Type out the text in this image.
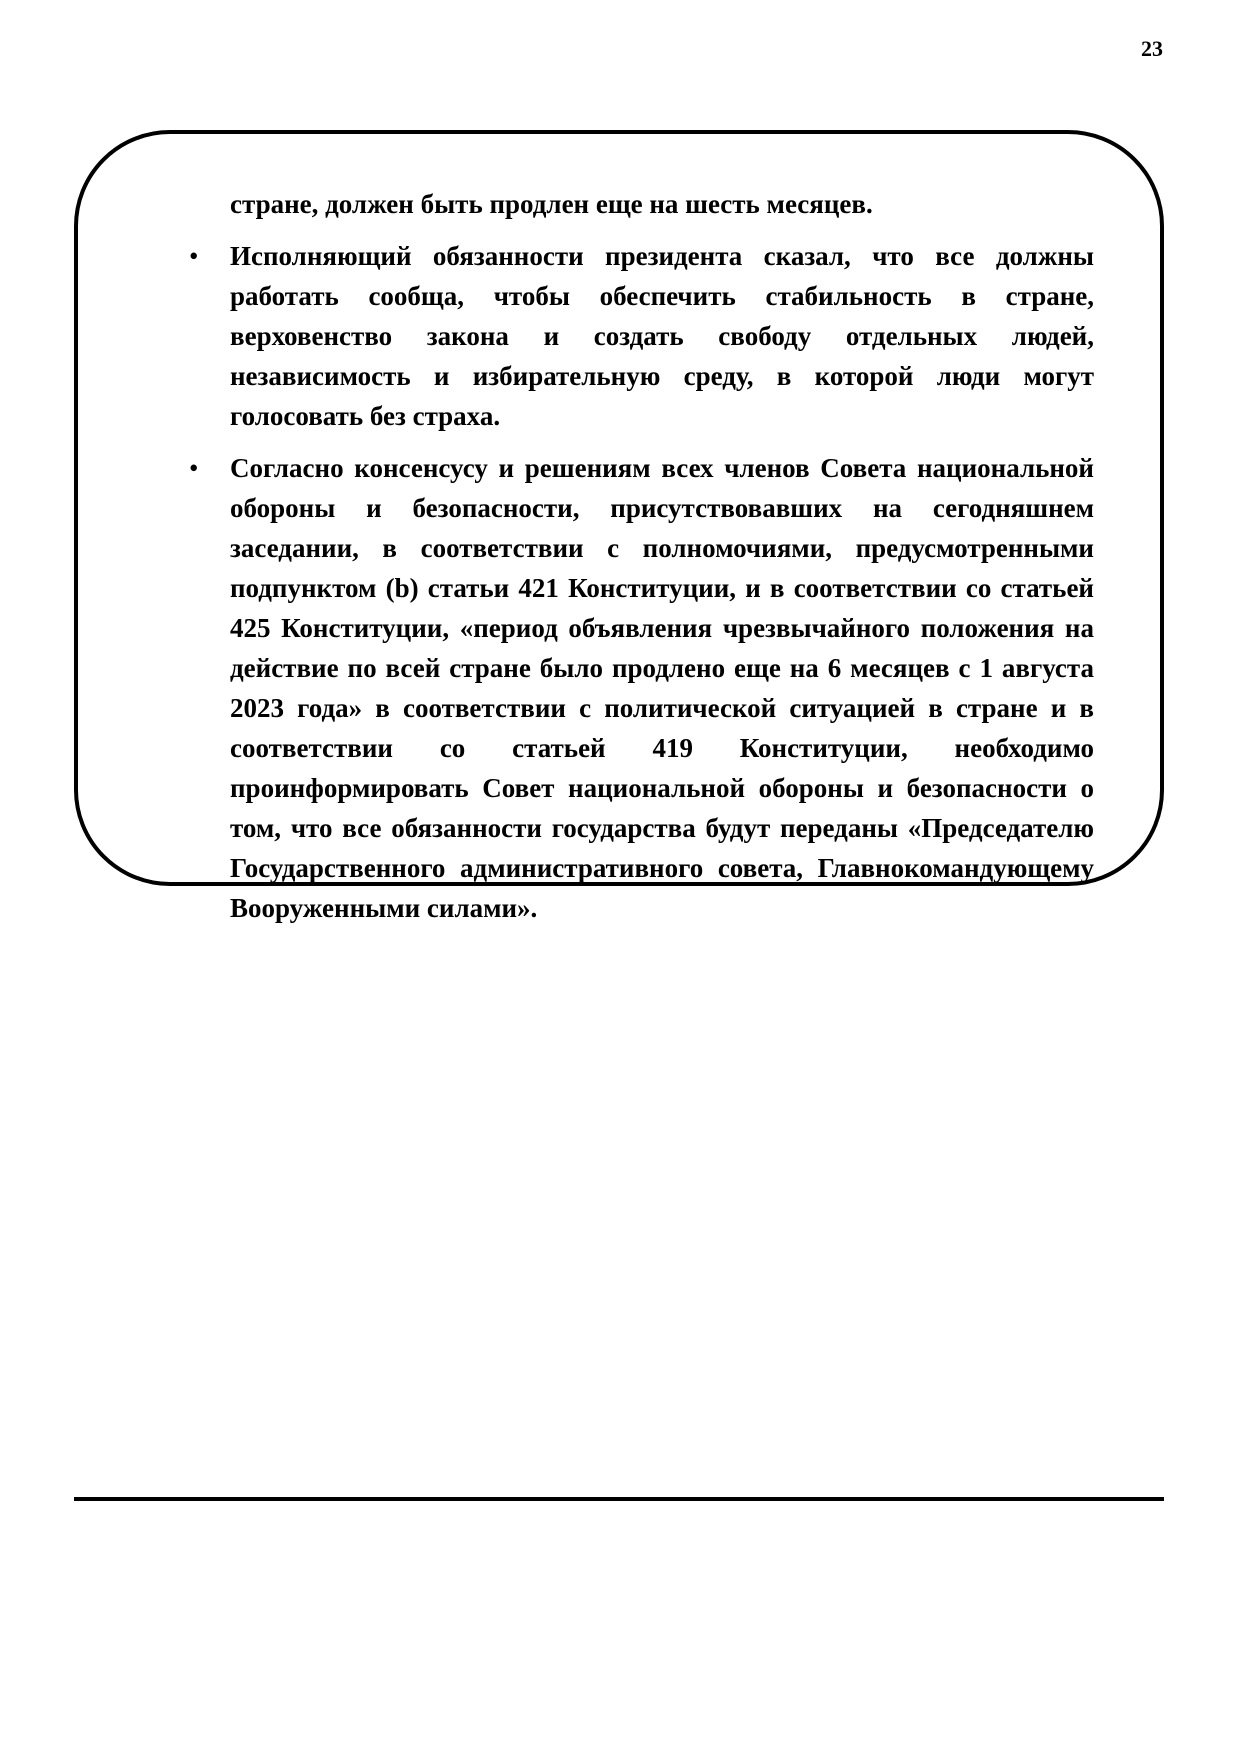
23

стране, должен быть продлен еще на шесть месяцев.

• Исполняющий обязанности президента сказал, что все должны работать сообща, чтобы обеспечить стабильность в стране, верховенство закона и создать свободу отдельных людей, независимость и избирательную среду, в которой люди могут голосовать без страха.

• Согласно консенсусу и решениям всех членов Совета национальной обороны и безопасности, присутствовавших на сегодняшнем заседании, в соответствии с полномочиями, предусмотренными подпунктом (b) статьи 421 Конституции, и в соответствии со статьей 425 Конституции, «период объявления чрезвычайного положения на действие по всей стране было продлено еще на 6 месяцев с 1 августа 2023 года» в соответствии с политической ситуацией в стране и в соответствии со статьей 419 Конституции, необходимо проинформировать Совет национальной обороны и безопасности о том, что все обязанности государства будут переданы «Председателю Государственного административного совета, Главнокомандующему Вооруженными силами».
